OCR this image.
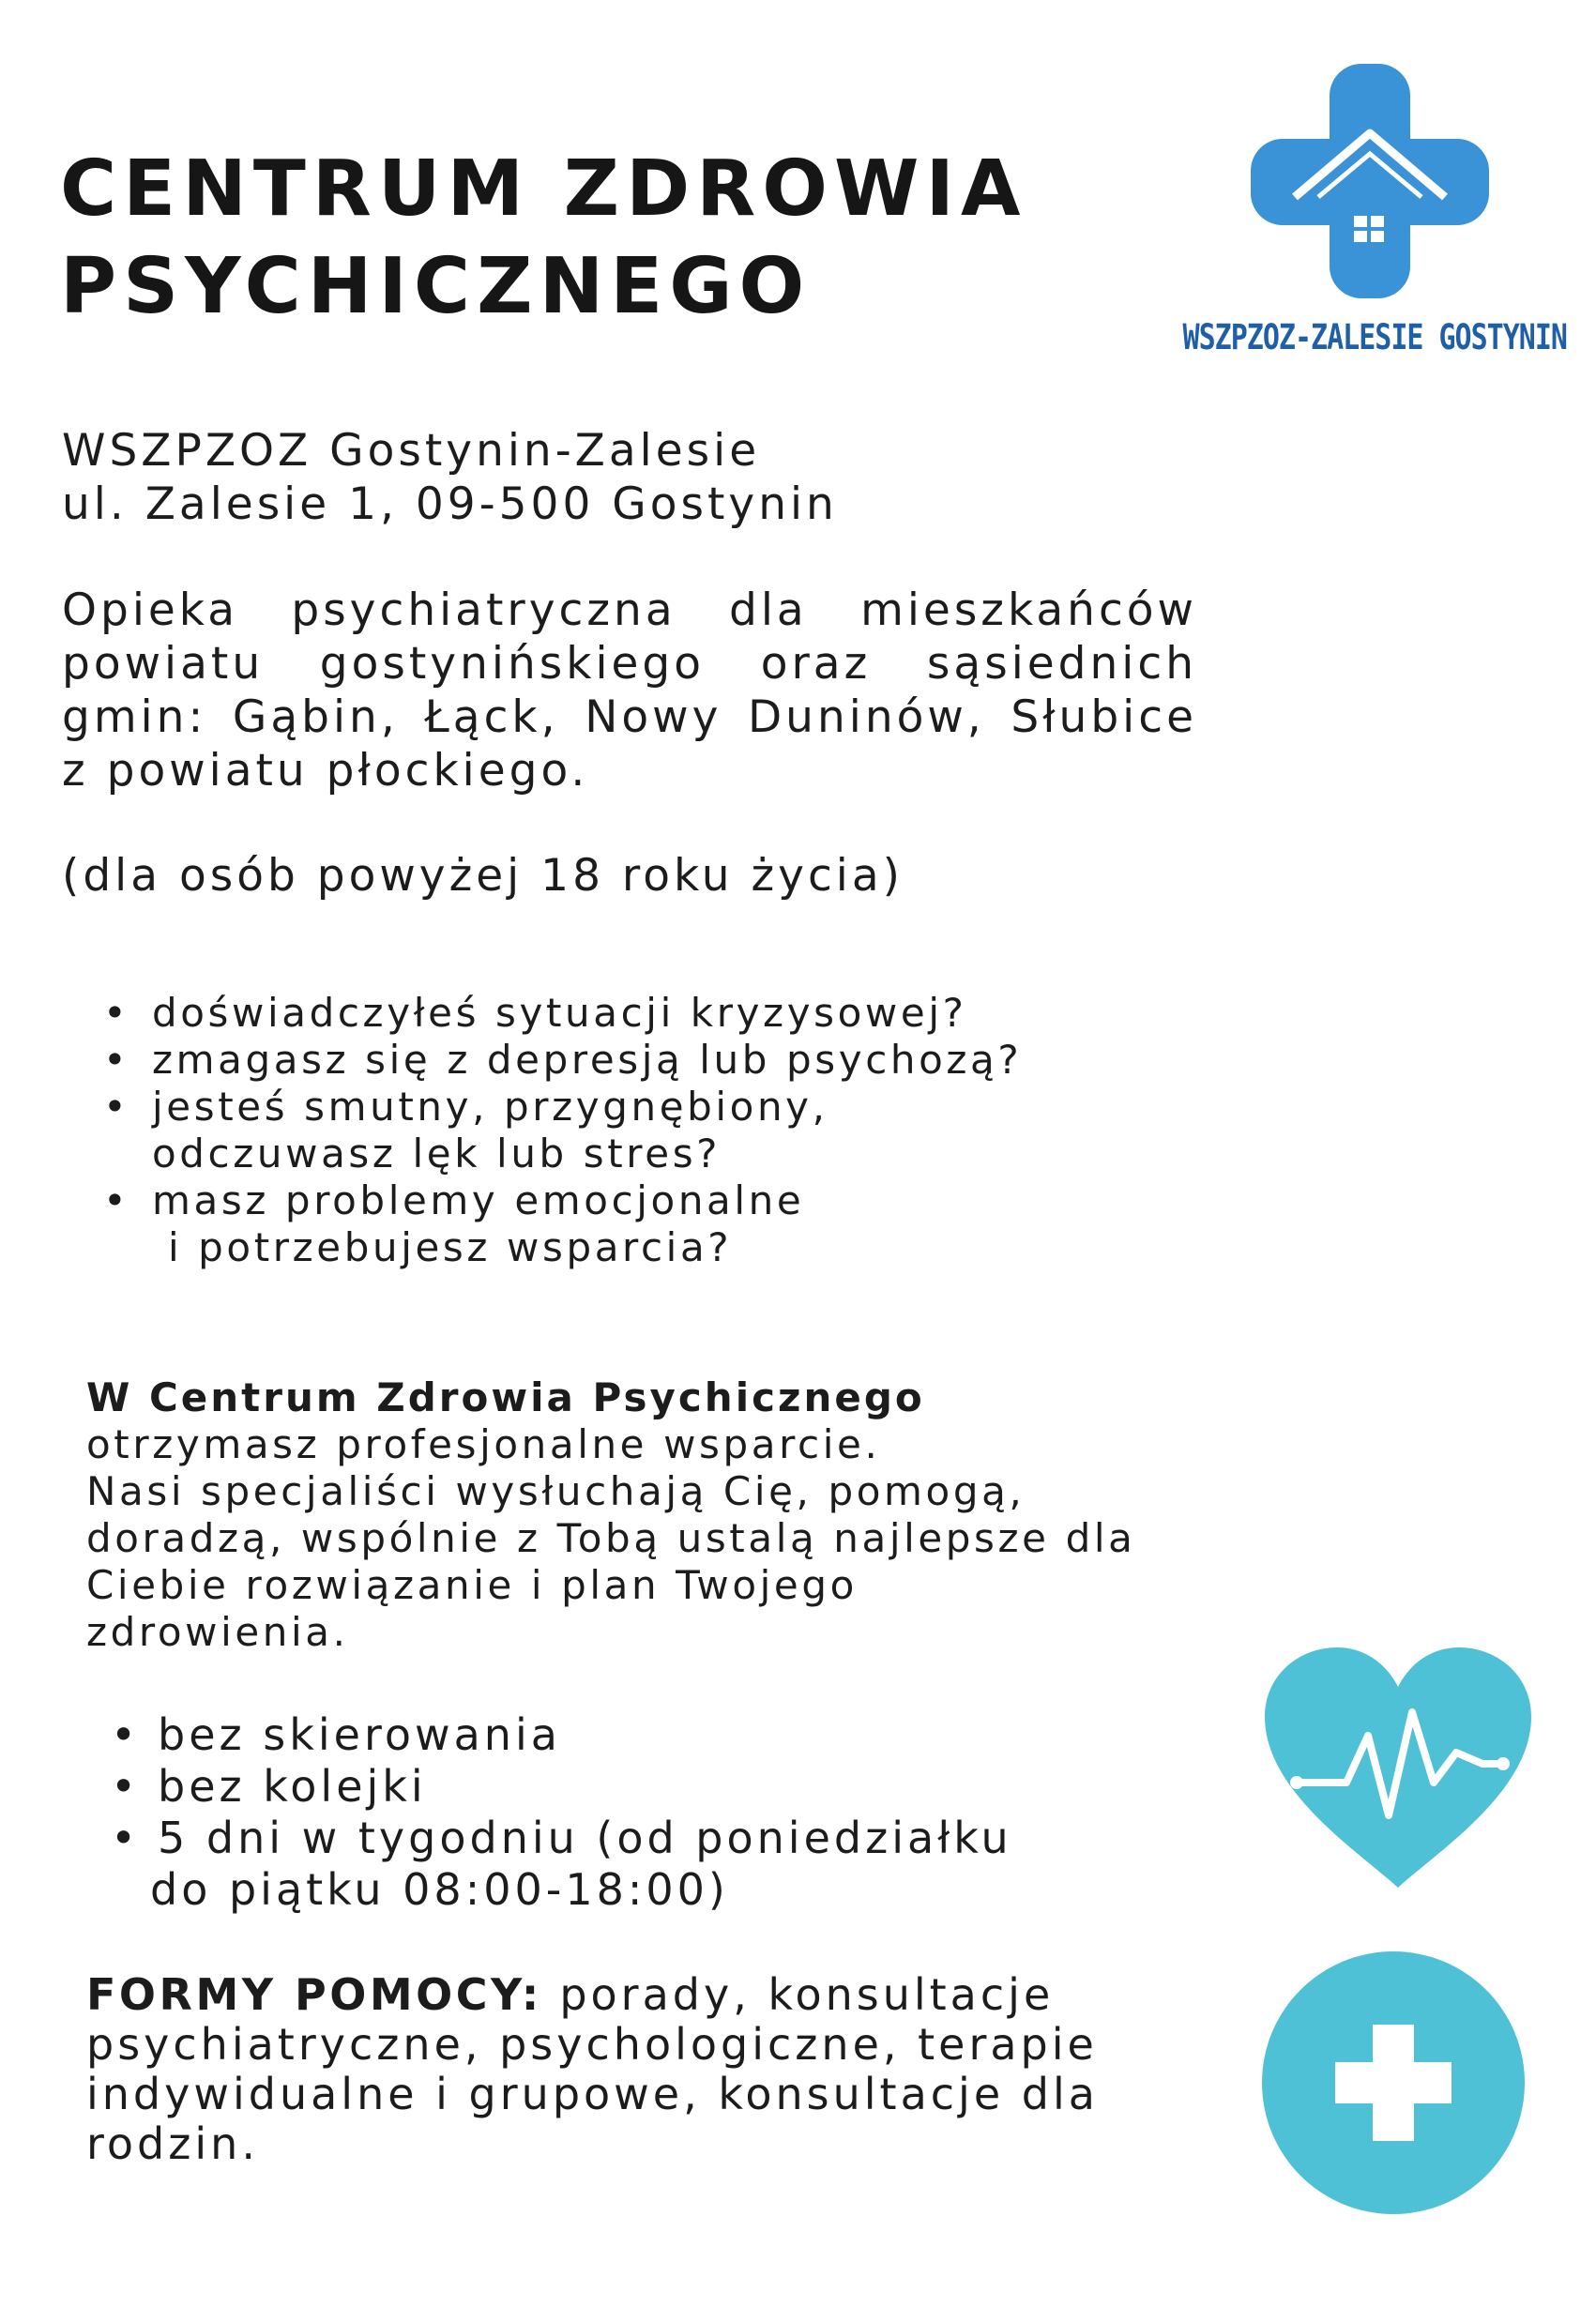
CENTRUM ZDROWIA
PSYCHICZNEGO
WSZPZOZ-ZALESIE GOSTYNIN
WSZPZOZ Gostynin-Zalesie
ul. Zalesie 1, 09-500 Gostynin
Opieka psychiatryczna dla mieszkańców
powiatu gostynińskiego oraz sąsiednich
gmin: Gąbin, Łąck, Nowy Duninów, Słubice
z powiatu płockiego.
(dla osób powyżej 18 roku życia)
• doświadczyłeś sytuacji kryzysowej?
• zmagasz się z depresją lub psychozą?
• jesteś smutny, przygnębiony,
odczuwasz lęk lub stres?
• masz problemy emocjonalne
i potrzebujesz wsparcia?
W Centrum Zdrowia Psychicznego
otrzymasz profesjonalne wsparcie.
Nasi specjaliści wysłuchają Cię, pomogą,
doradzą, wspólnie z Tobą ustalą najlepsze dla
Ciebie rozwiązanie i plan Twojego
zdrowienia.
• bez skierowania
• bez kolejki
• 5 dni w tygodniu (od poniedziałku
do piątku 08:00-18:00)
FORMY POMOCY: porady, konsultacje
psychiatryczne, psychologiczne, terapie
indywidualne i grupowe, konsultacje dla
rodzin.
